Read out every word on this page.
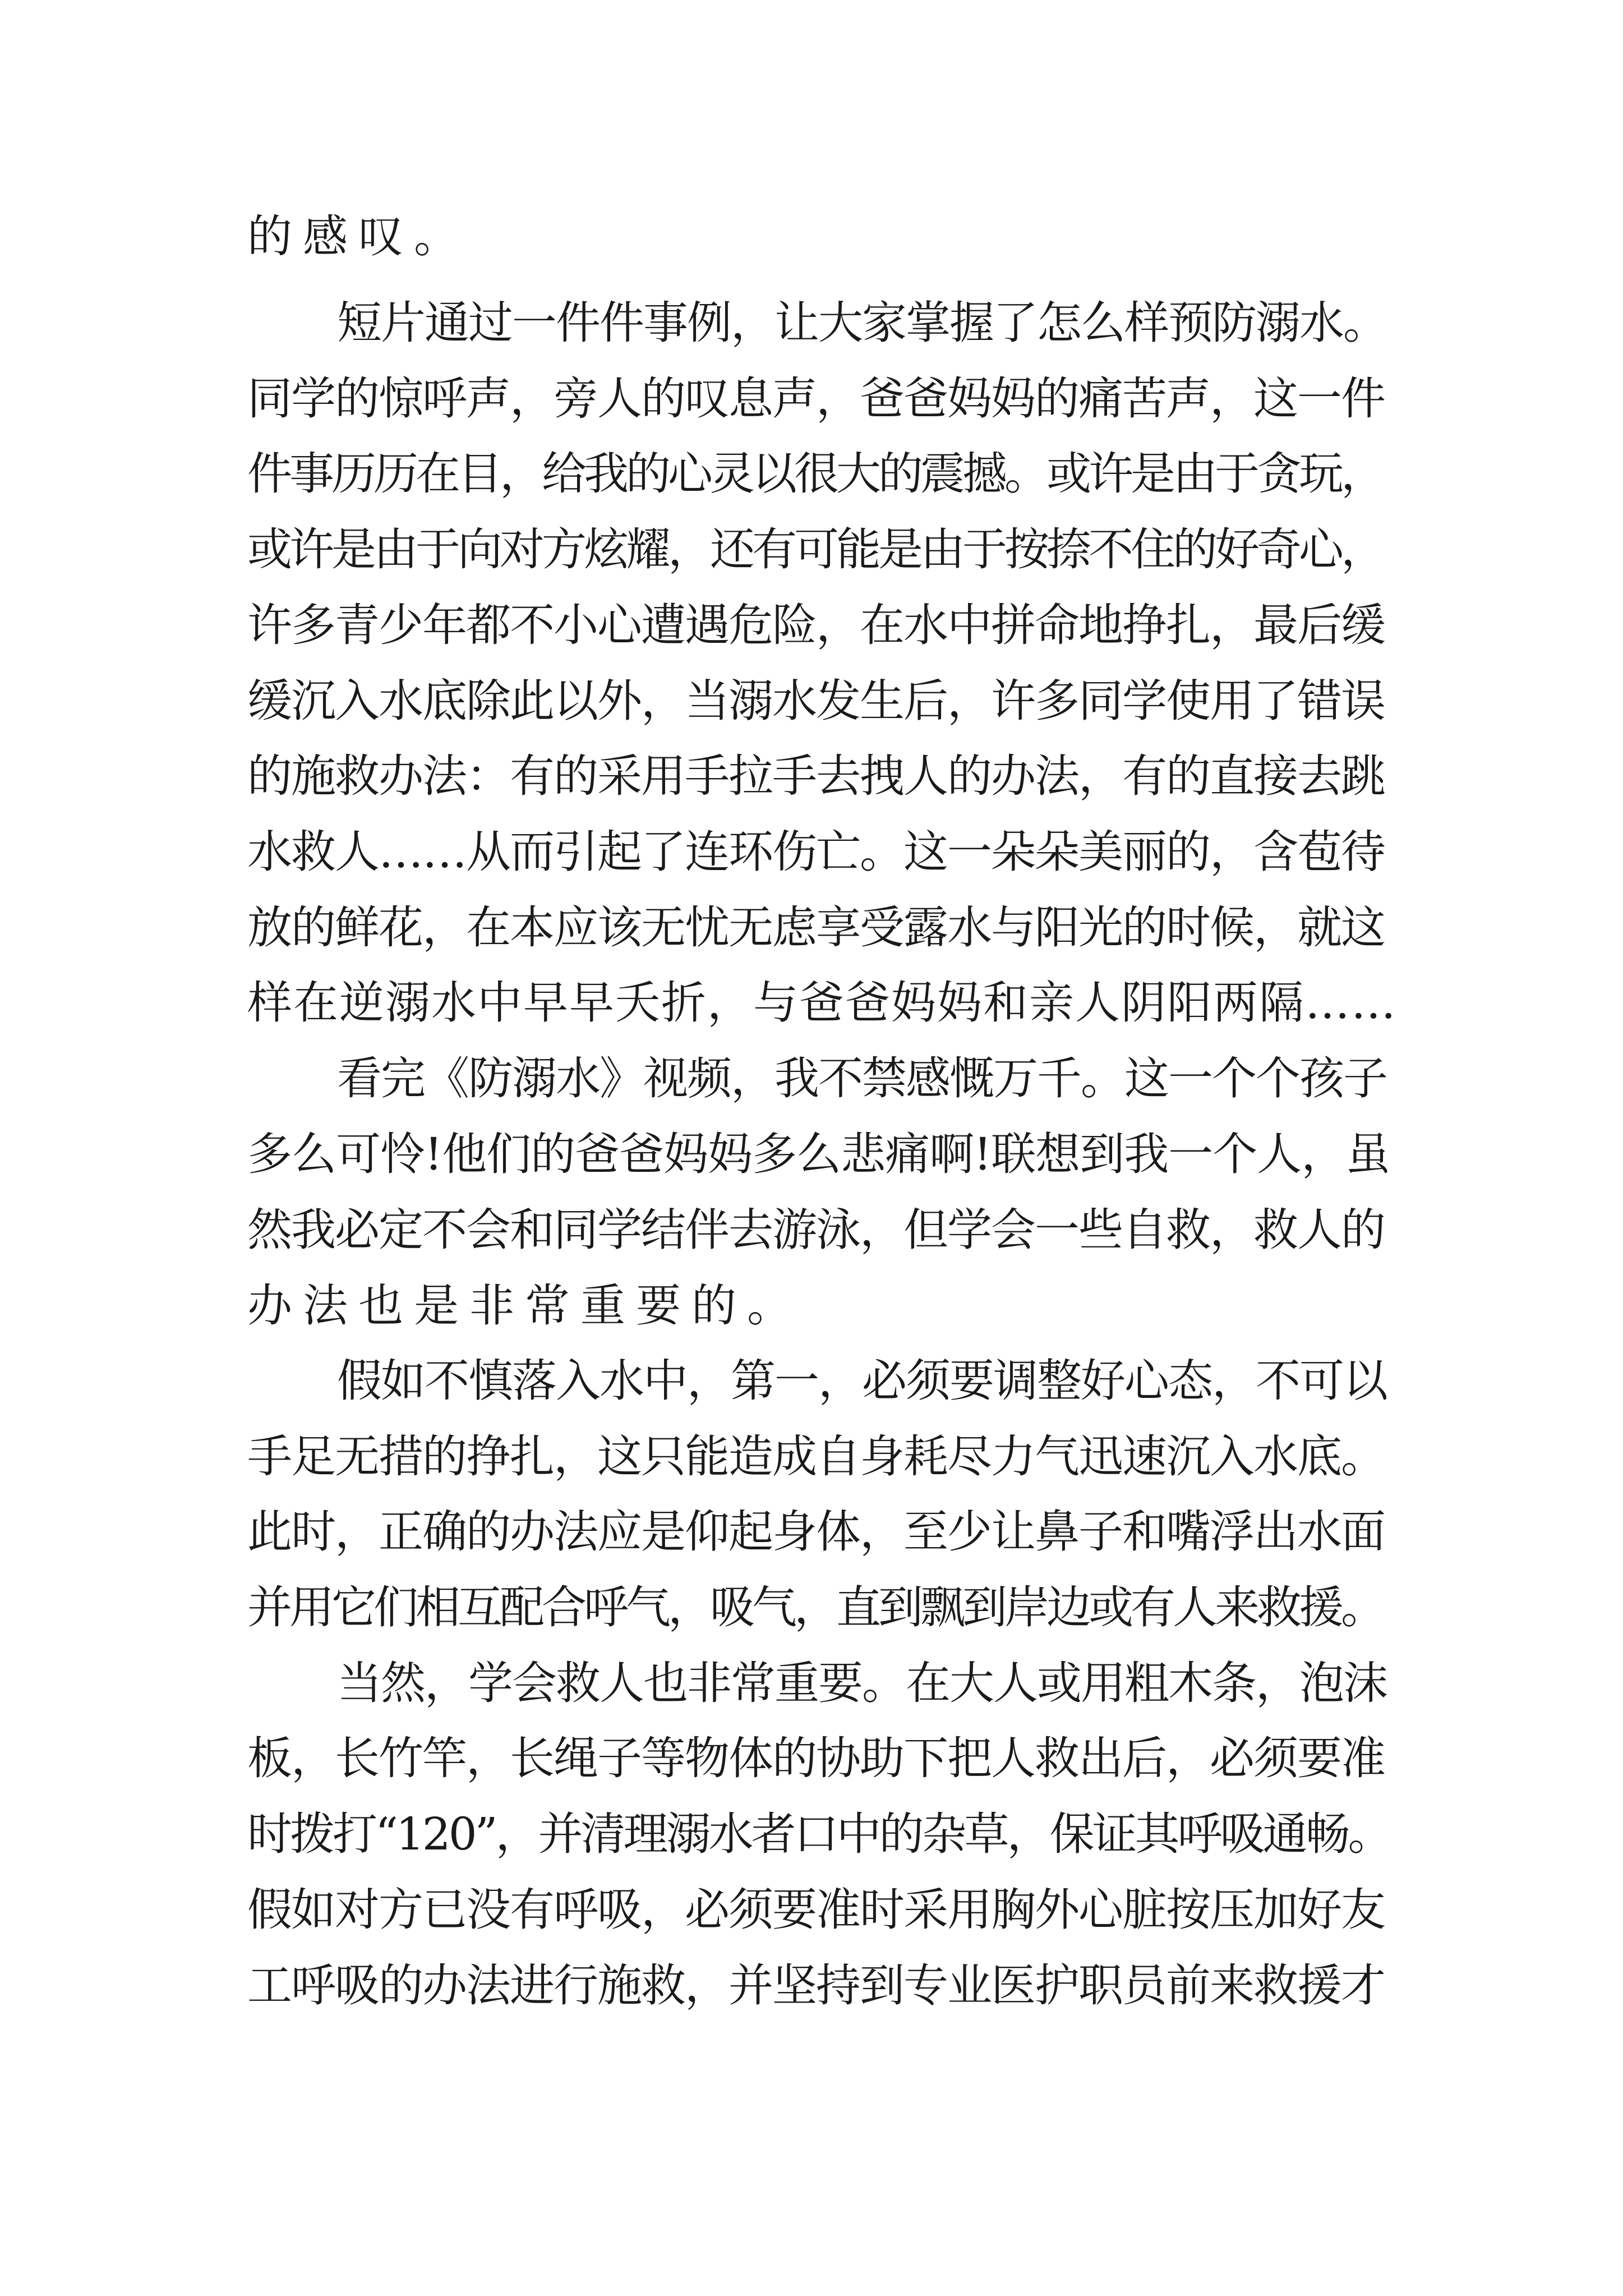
的感叹。
短片通过一件件事例，让大家掌握了怎么样预防溺水。
同学的惊呼声，旁人的叹息声，爸爸妈妈的痛苦声，这一件
件事历历在目，给我的心灵以很大的震撼。或许是由于贪玩，
或许是由于向对方炫耀，还有可能是由于按捺不住的好奇心，
许多青少年都不小心遭遇危险，在水中拼命地挣扎，最后缓
缓沉入水底除此以外，当溺水发生后，许多同学使用了错误
的施救办法：有的采用手拉手去拽人的办法，有的直接去跳
水救人……从而引起了连环伤亡。这一朵朵美丽的，含苞待
放的鲜花，在本应该无忧无虑享受露水与阳光的时候，就这
样在逆溺水中早早夭折，与爸爸妈妈和亲人阴阳两隔……
看完《防溺水》视频，我不禁感慨万千。这一个个孩子
多么可怜!他们的爸爸妈妈多么悲痛啊!联想到我一个人，虽
然我必定不会和同学结伴去游泳，但学会一些自救，救人的
办法也是非常重要的。
假如不慎落入水中，第一，必须要调整好心态，不可以
手足无措的挣扎，这只能造成自身耗尽力气迅速沉入水底。
此时，正确的办法应是仰起身体，至少让鼻子和嘴浮出水面
并用它们相互配合呼气，吸气，直到飘到岸边或有人来救援。
当然，学会救人也非常重要。在大人或用粗木条，泡沫
板，长竹竿，长绳子等物体的协助下把人救出后，必须要准
时拨打“120”，并清理溺水者口中的杂草，保证其呼吸通畅。
假如对方已没有呼吸，必须要准时采用胸外心脏按压加好友
工呼吸的办法进行施救，并坚持到专业医护职员前来救援才
